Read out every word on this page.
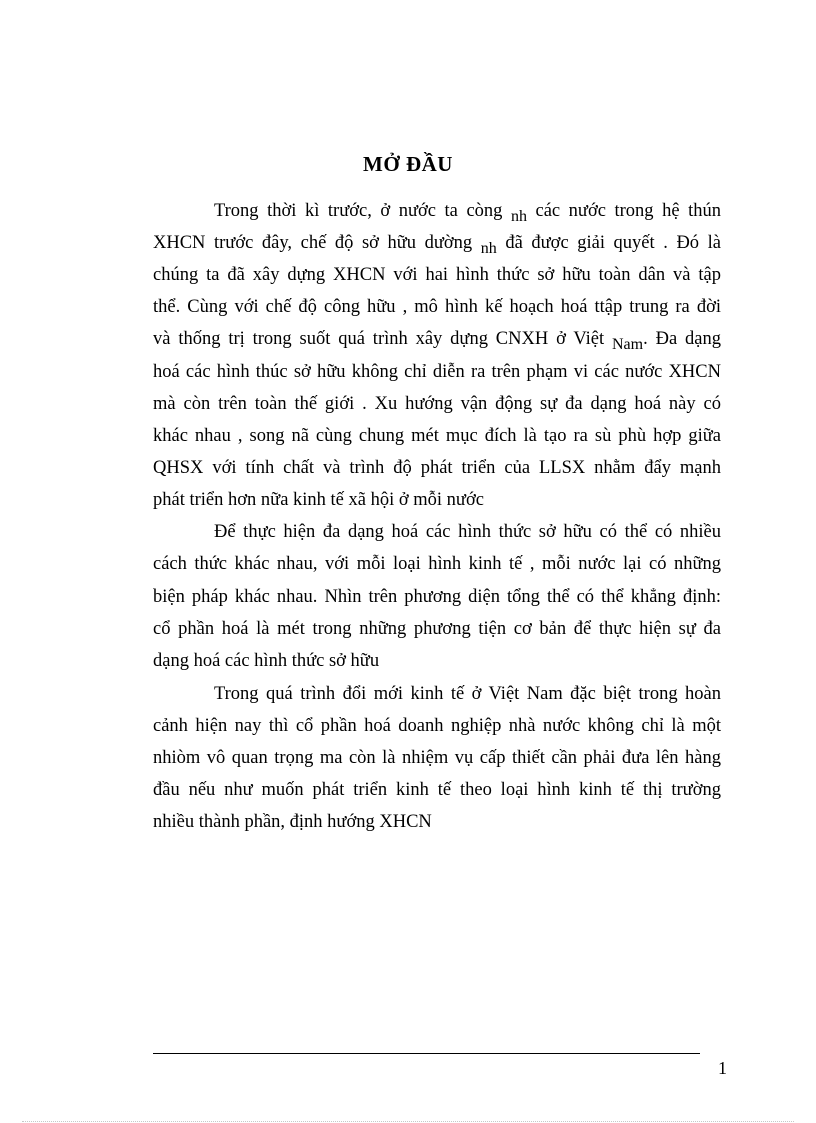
MỞ ĐẦU
Trong thời kì trước, ở nước ta còng nh các nước trong hệ thún
XHCN trước đây, chế độ sở hữu dường nh đã được giải quyết . Đó là
chúng ta đã xây dựng XHCN với hai hình thức sở hữu toàn dân và tập
thể. Cùng với chế độ công hữu , mô hình kế hoạch hoá ttập trung ra đời
và thống trị trong suốt quá trình xây dựng CNXH ở Việt Nam. Đa dạng
hoá các hình thúc sở hữu không chỉ diễn ra trên phạm vi các nước XHCN
mà còn trên toàn thế giới . Xu hướng vận động sự đa dạng hoá này có
khác nhau , song nã cùng chung mét mục đích là tạo ra sù phù hợp giữa
QHSX với tính chất và trình độ phát triển của LLSX nhằm đẩy mạnh
phát triển hơn nữa kinh tế xã hội ở mỗi nước
Để thực hiện đa dạng hoá các hình thức sở hữu có thể có nhiều
cách thức khác nhau, với mỗi loại hình kinh tế , mỗi nước lại có những
biện pháp khác nhau. Nhìn trên phương diện tổng thể có thể khẳng định:
cổ phần hoá là mét trong những phương tiện cơ bản để thực hiện sự đa
dạng hoá các hình thức sở hữu
Trong quá trình đổi mới kinh tế ở Việt Nam đặc biệt trong hoàn
cảnh hiện nay thì cổ phần hoá doanh nghiệp nhà nước không chỉ là một
nhiòm vô quan trọng ma còn là nhiệm vụ cấp thiết cần phải đưa lên hàng
đầu nếu như muốn phát triển kinh tế theo loại hình kinh tế thị trường
nhiều thành phần, định hướng XHCN
1
